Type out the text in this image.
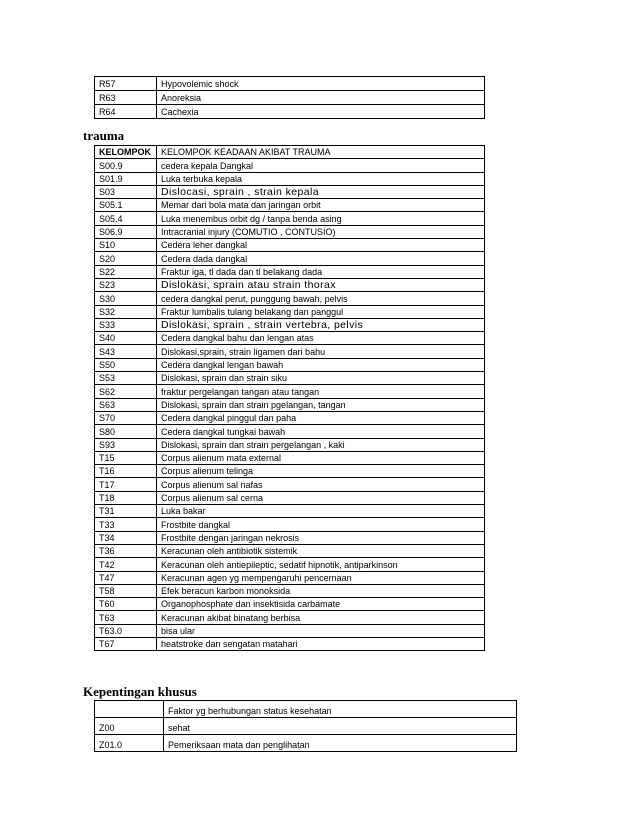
R57	Hypovolemic shock
R63	Anoreksia
R64	Cachexia
trauma
KELOMPOK	KELOMPOK KEADAAN AKIBAT TRAUMA
S00.9	cedera kepala Dangkal
S01.9	Luka terbuka kepala
S03	Dislocasi, sprain , strain kepala
S05.1	Memar dari bola mata dan jaringan orbit
S05.4	Luka menembus orbit dg / tanpa benda asing
S06.9	Intracranial injury (COMUTIO , CONTUSIO)
S10	Cedera leher dangkal
S20	Cedera dada dangkal
S22	Fraktur iga, tl dada dan tl belakang dada
S23	Dislokasi, sprain atau strain thorax
S30	cedera dangkal perut, punggung bawah, pelvis
S32	Fraktur lumbalis tulang belakang dan panggul
S33	Dislokasi, sprain , strain vertebra, pelvis
S40	Cedera dangkal bahu dan lengan atas
S43	Dislokasi,sprain, strain ligamen dari bahu
S50	Cedera dangkal lengan bawah
S53	Dislokasi, sprain dan strain siku
S62	fraktur pergelangan tangan atau tangan
S63	Dislokasi, sprain dan strain pgelangan, tangan
S70	Cedera dangkal pinggul dan paha
S80	Cedera dangkal tungkai bawah
S93	Dislokasi, sprain dan strain pergelangan , kaki
T15	Corpus alienum mata external
T16	Corpus alienum telinga
T17	Corpus alienum sal nafas
T18	Corpus alienum sal cerna
T31	Luka bakar
T33	Frostbite dangkal
T34	Frostbite dengan jaringan nekrosis
T36	Keracunan oleh antibiotik sistemik
T42	Keracunan oleh antiepileptic, sedatif hipnotik, antiparkinson
T47	Keracunan agen yg mempengaruhi pencernaan
T58	Efek beracun karbon monoksida
T60	Organophosphate dan insektisida carbamate
T63	Keracunan akibat binatang berbisa
T63.0	bisa ular
T67	heatstroke dan sengatan matahari
Kepentingan khusus
	Faktor yg berhubungan status kesehatan
Z00	sehat
Z01.0	Pemeriksaan mata dan penglihatan
